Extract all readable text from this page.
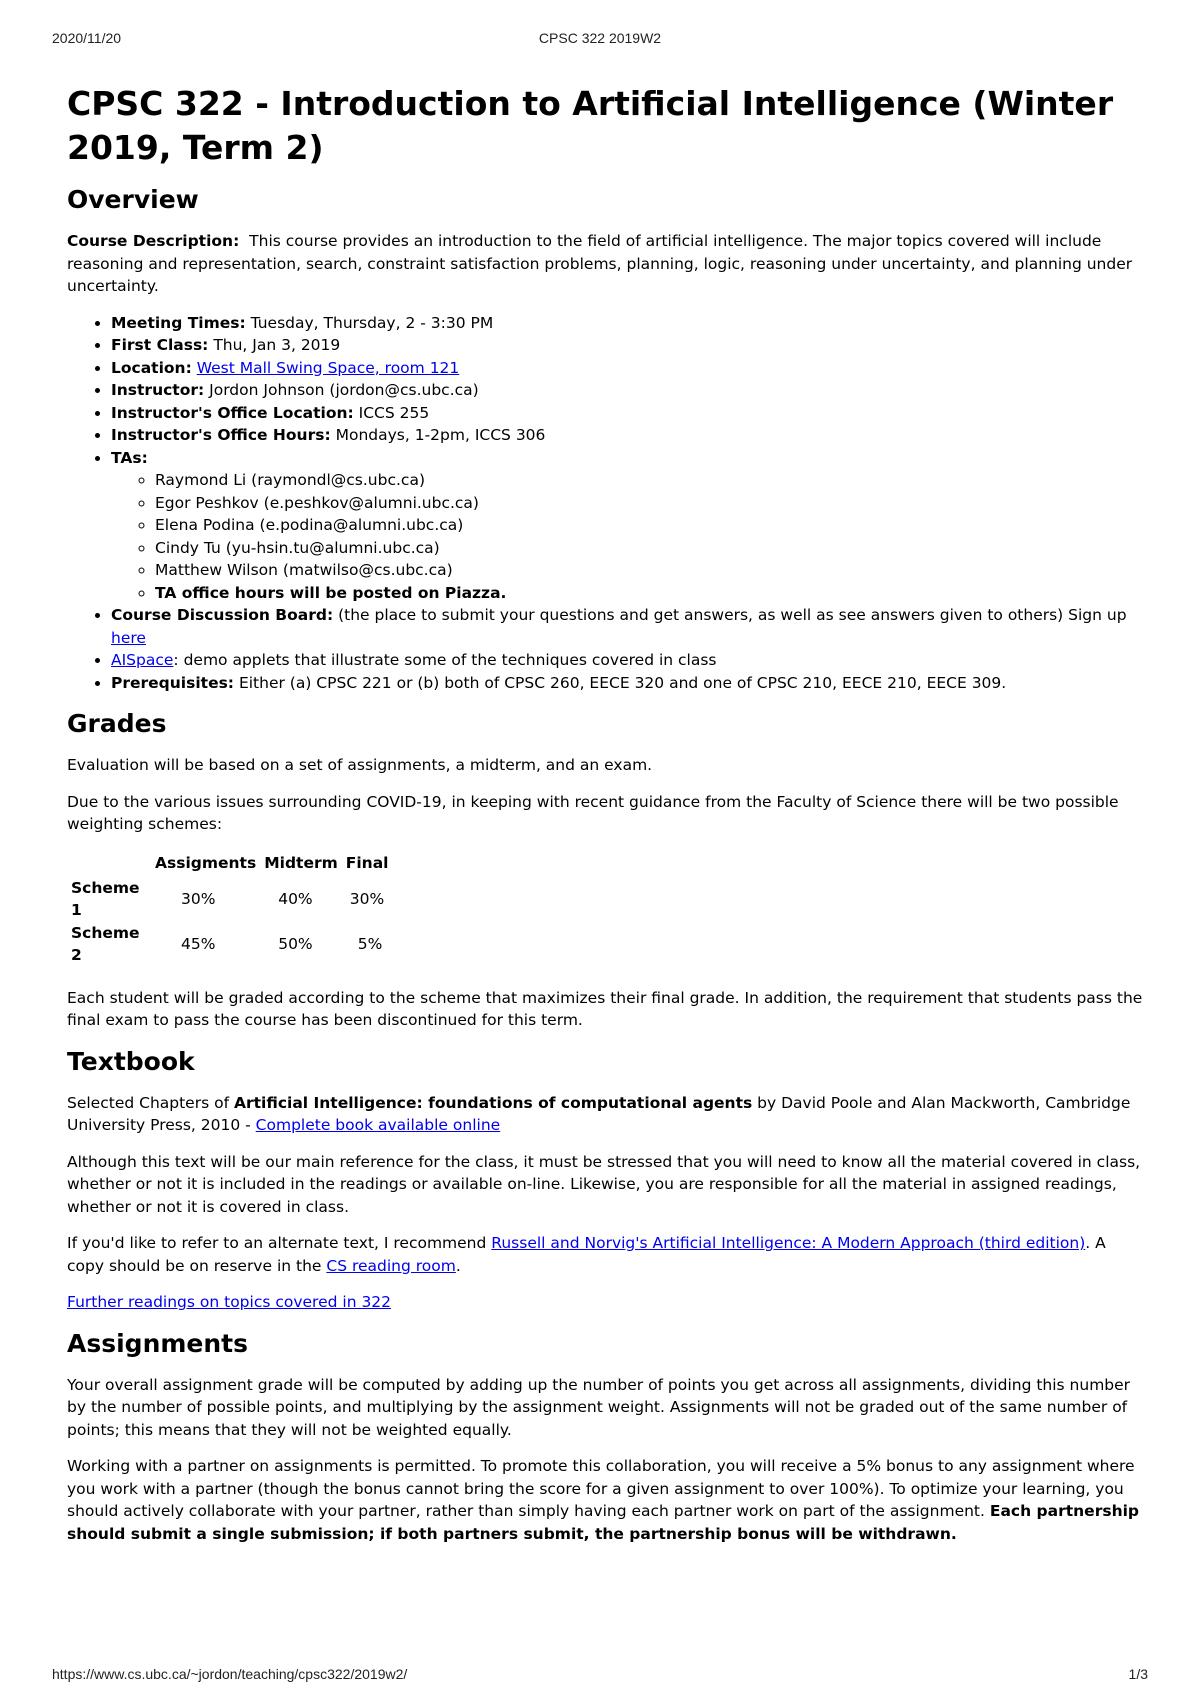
2020/11/20	CPSC 322 2019W2
CPSC 322 - Introduction to Artificial Intelligence (Winter 2019, Term 2)
Overview

Course Description: This course provides an introduction to the field of artificial intelligence. The major topics covered will include reasoning and representation, search, constraint satisfaction problems, planning, logic, reasoning under uncertainty, and planning under uncertainty.

• Meeting Times: Tuesday, Thursday, 2 - 3:30 PM
• First Class: Thu, Jan 3, 2019
• Location: West Mall Swing Space, room 121
• Instructor: Jordon Johnson (jordon@cs.ubc.ca)
• Instructor's Office Location: ICCS 255
• Instructor's Office Hours: Mondays, 1-2pm, ICCS 306
• TAs:
◦ Raymond Li (raymondl@cs.ubc.ca)
◦ Egor Peshkov (e.peshkov@alumni.ubc.ca)
◦ Elena Podina (e.podina@alumni.ubc.ca)
◦ Cindy Tu (yu-hsin.tu@alumni.ubc.ca)
◦ Matthew Wilson (matwilso@cs.ubc.ca)
◦ TA office hours will be posted on Piazza.
• Course Discussion Board: (the place to submit your questions and get answers, as well as see answers given to others) Sign up here
• AISpace: demo applets that illustrate some of the techniques covered in class
• Prerequisites: Either (a) CPSC 221 or (b) both of CPSC 260, EECE 320 and one of CPSC 210, EECE 210, EECE 309.
Grades

Evaluation will be based on a set of assignments, a midterm, and an exam.

Due to the various issues surrounding COVID-19, in keeping with recent guidance from the Faculty of Science there will be two possible weighting schemes:

	Assigments	Midterm	Final
Scheme 1	30%	40%	30%
Scheme 2	45%	50%	5%

Each student will be graded according to the scheme that maximizes their final grade. In addition, the requirement that students pass the final exam to pass the course has been discontinued for this term.

Textbook

Selected Chapters of Artificial Intelligence: foundations of computational agents by David Poole and Alan Mackworth, Cambridge University Press, 2010 - Complete book available online

Although this text will be our main reference for the class, it must be stressed that you will need to know all the material covered in class, whether or not it is included in the readings or available on-line. Likewise, you are responsible for all the material in assigned readings, whether or not it is covered in class.

If you'd like to refer to an alternate text, I recommend Russell and Norvig's Artificial Intelligence: A Modern Approach (third edition). A copy should be on reserve in the CS reading room.

Further readings on topics covered in 322

Assignments

Your overall assignment grade will be computed by adding up the number of points you get across all assignments, dividing this number by the number of possible points, and multiplying by the assignment weight. Assignments will not be graded out of the same number of points; this means that they will not be weighted equally.

Working with a partner on assignments is permitted. To promote this collaboration, you will receive a 5% bonus to any assignment where you work with a partner (though the bonus cannot bring the score for a given assignment to over 100%). To optimize your learning, you should actively collaborate with your partner, rather than simply having each partner work on part of the assignment. Each partnership should submit a single submission; if both partners submit, the partnership bonus will be withdrawn.

https://www.cs.ubc.ca/~jordon/teaching/cpsc322/2019w2/	1/3
